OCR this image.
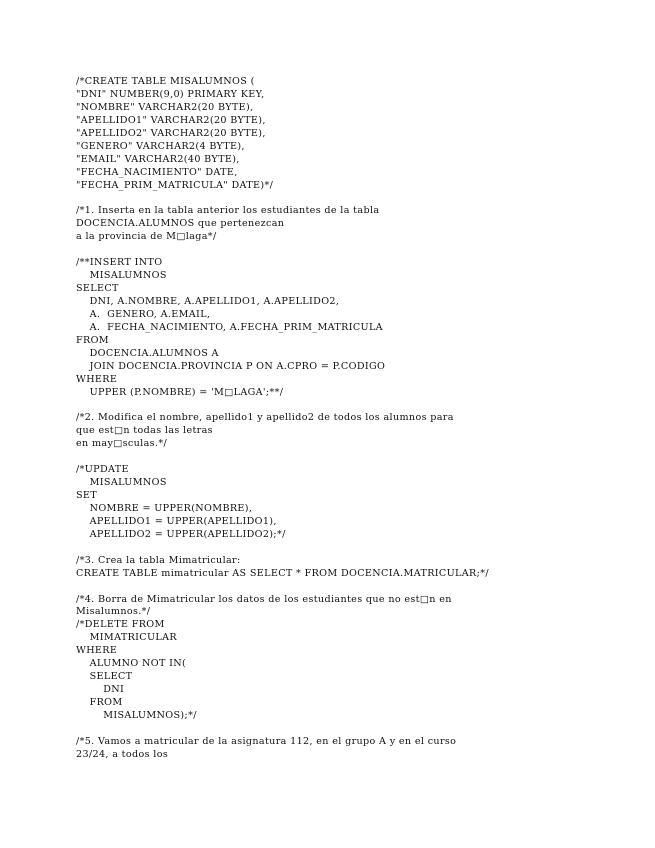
/*CREATE TABLE MISALUMNOS (
"DNI" NUMBER(9,0) PRIMARY KEY,
"NOMBRE" VARCHAR2(20 BYTE),
"APELLIDO1" VARCHAR2(20 BYTE),
"APELLIDO2" VARCHAR2(20 BYTE),
"GENERO" VARCHAR2(4 BYTE),
"EMAIL" VARCHAR2(40 BYTE),
"FECHA_NACIMIENTO" DATE,
"FECHA_PRIM_MATRICULA" DATE)*/
/*1. Inserta en la tabla anterior los estudiantes de la tabla
DOCENCIA.ALUMNOS que pertenezcan
a la provincia de M□laga*/
/**INSERT INTO
MISALUMNOS
SELECT
DNI, A.NOMBRE, A.APELLIDO1, A.APELLIDO2,
A.  GENERO, A.EMAIL,
A.  FECHA_NACIMIENTO, A.FECHA_PRIM_MATRICULA
FROM
DOCENCIA.ALUMNOS A
JOIN DOCENCIA.PROVINCIA P ON A.CPRO = P.CODIGO
WHERE
UPPER (P.NOMBRE) = 'M□LAGA';**/
/*2. Modifica el nombre, apellido1 y apellido2 de todos los alumnos para
que est□n todas las letras
en may□sculas.*/
/*UPDATE
MISALUMNOS
SET
NOMBRE = UPPER(NOMBRE),
APELLIDO1 = UPPER(APELLIDO1),
APELLIDO2 = UPPER(APELLIDO2);*/
/*3. Crea la tabla Mimatricular:
CREATE TABLE mimatricular AS SELECT * FROM DOCENCIA.MATRICULAR;*/
/*4. Borra de Mimatricular los datos de los estudiantes que no est□n en
Misalumnos.*/
/*DELETE FROM
MIMATRICULAR
WHERE
ALUMNO NOT IN(
SELECT
DNI
FROM
MISALUMNOS);*/
/*5. Vamos a matricular de la asignatura 112, en el grupo A y en el curso
23/24, a todos los
